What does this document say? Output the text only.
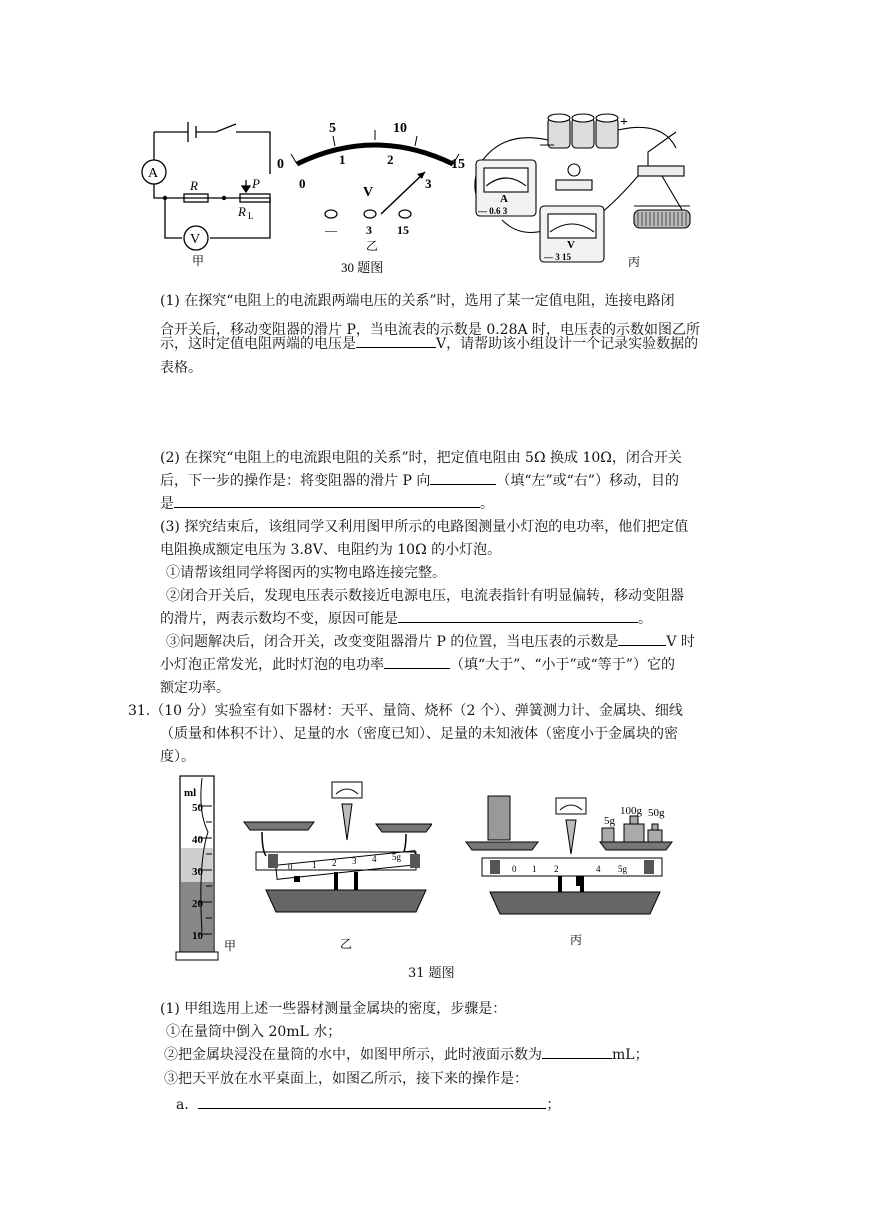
A
V
R	P
R L
甲
5	10
0	15
0
1	2
3
V
— 3 15
乙
30 题图
—
+
A
— 0.6 3
V
— 3 15	丙
(1) 在探究“电阻上的电流跟两端电压的关系”时，选用了某一定值电阻，连接电路闭
合开关后，移动变阻器的滑片 P，当电流表的示数是 0.28A 时，电压表的示数如图乙所
示，这时定值电阻两端的电压是	V，请帮助该小组设计一个记录实验数据的
表格。
(2) 在探究“电阻上的电流跟电阻的关系”时，把定值电阻由 5Ω 换成 10Ω，闭合开关
后，下一步的操作是：将变阻器的滑片 P 向	（填“左”或“右”）移动，目的
是	。
(3) 探究结束后，该组同学又利用图甲所示的电路图测量小灯泡的电功率，他们把定值
电阻换成额定电压为 3.8V、电阻约为 10Ω 的小灯泡。
①请帮该组同学将图丙的实物电路连接完整。
②闭合开关后，发现电压表示数接近电源电压，电流表指针有明显偏转，移动变阻器
的滑片，两表示数均不变，原因可能是	。
③问题解决后，闭合开关，改变变阻器滑片 P 的位置，当电压表的示数是	V 时
小灯泡正常发光，此时灯泡的电功率	（填“大于”、“小于”或“等于”）它的
额定功率。
31.（10 分）实验室有如下器材：天平、量筒、烧杯（2 个）、弹簧测力计、金属块、细线
（质量和体积不计）、足量的水（密度已知）、足量的未知液体（密度小于金属块的密
度）。
ml
50
40
30
20
10
甲
0 1 2 3 4 5g
乙
0 1 2	4 5g
100g 50g
5g
丙
31 题图
(1) 甲组选用上述一些器材测量金属块的密度，步骤是：
①在量筒中倒入 20mL 水；
②把金属块浸没在量筒的水中，如图甲所示，此时液面示数为	mL；
③把天平放在水平桌面上，如图乙所示，接下来的操作是：
a．	；
